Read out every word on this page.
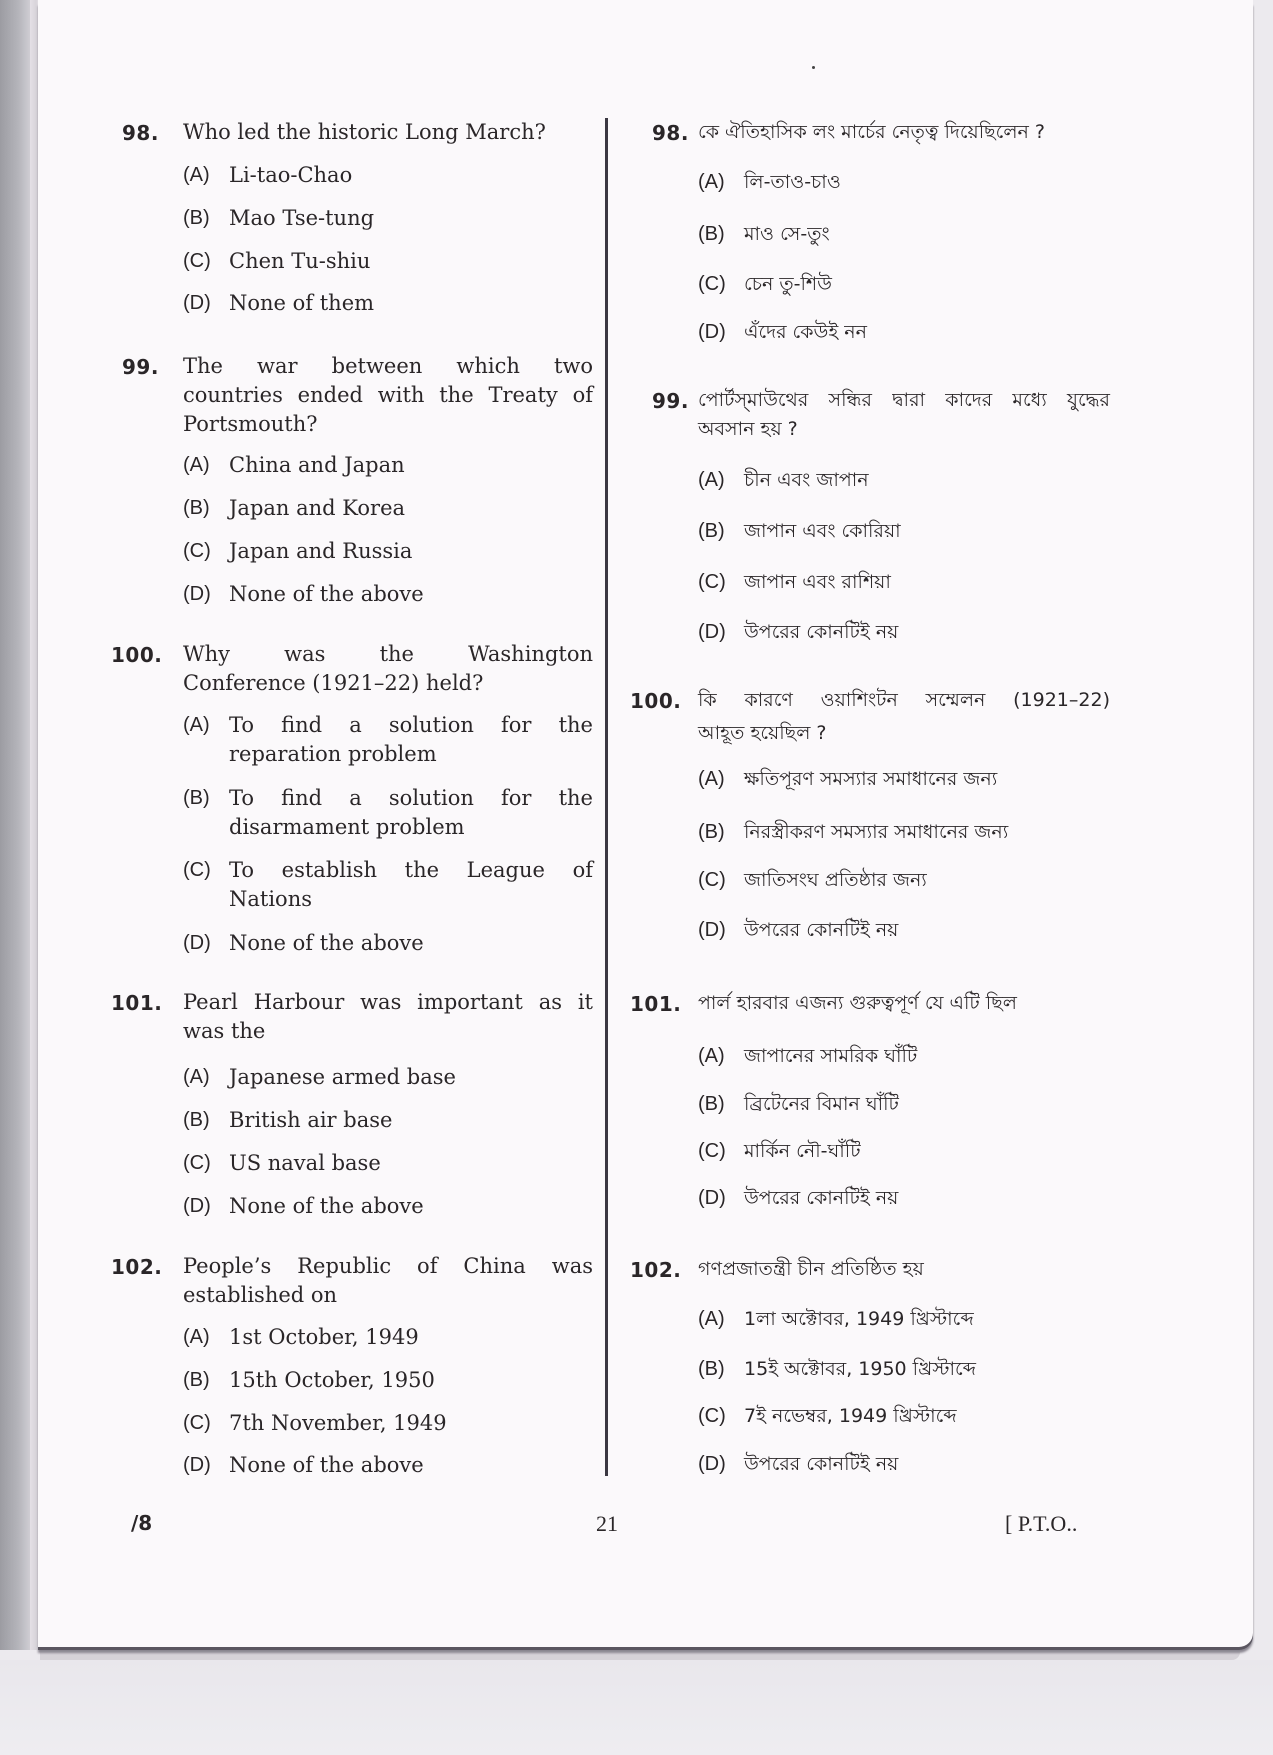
98. Who led the historic Long March?
(A) Li-tao-Chao
(B) Mao Tse-tung
(C) Chen Tu-shiu
(D) None of them
99. The war between which two
countries ended with the Treaty of
Portsmouth?
(A) China and Japan
(B) Japan and Korea
(C) Japan and Russia
(D) None of the above
100. Why was the Washington
Conference (1921–22) held?
(A) To find a solution for the
reparation problem
(B) To find a solution for the
disarmament problem
(C) To establish the League of
Nations
(D) None of the above
101. Pearl Harbour was important as it
was the
(A) Japanese armed base
(B) British air base
(C) US naval base
(D) None of the above
102. People’s Republic of China was
established on
(A) 1st October, 1949
(B) 15th October, 1950
(C) 7th November, 1949
(D) None of the above
98. কে ঐতিহাসিক লং মার্চের নেতৃত্ব দিয়েছিলেন ?
(A) লি-তাও-চাও
(B) মাও সে-তুং
(C) চেন তু-শিউ
(D) এঁদের কেউই নন
99. পোর্টস্‌মাউথের সন্ধির দ্বারা কাদের মধ্যে যুদ্ধের
অবসান হয় ?
(A) চীন এবং জাপান
(B) জাপান এবং কোরিয়া
(C) জাপান এবং রাশিয়া
(D) উপরের কোনটিই নয়
100. কি কারণে ওয়াশিংটন সম্মেলন (1921–22)
আহূত হয়েছিল ?
(A) ক্ষতিপূরণ সমস্যার সমাধানের জন্য
(B) নিরস্ত্রীকরণ সমস্যার সমাধানের জন্য
(C) জাতিসংঘ প্রতিষ্ঠার জন্য
(D) উপরের কোনটিই নয়
101. পার্ল হারবার এজন্য গুরুত্বপূর্ণ যে এটি ছিল
(A) জাপানের সামরিক ঘাঁটি
(B) ব্রিটেনের বিমান ঘাঁটি
(C) মার্কিন নৌ-ঘাঁটি
(D) উপরের কোনটিই নয়
102. গণপ্রজাতন্ত্রী চীন প্রতিষ্ঠিত হয়
(A) 1লা অক্টোবর, 1949 খ্রিস্টাব্দে
(B) 15ই অক্টোবর, 1950 খ্রিস্টাব্দে
(C) 7ই নভেম্বর, 1949 খ্রিস্টাব্দে
(D) উপরের কোনটিই নয়
/8	21	[ P.T.O..
